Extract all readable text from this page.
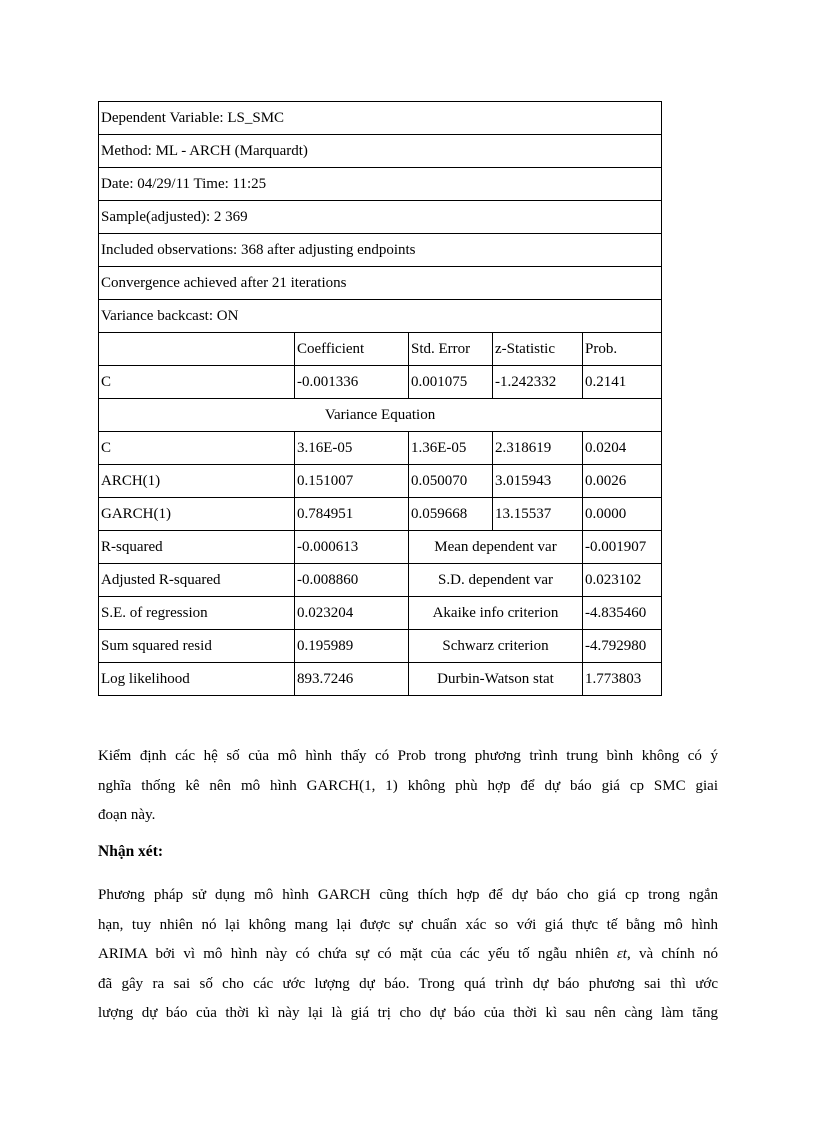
Dependent Variable: LS_SMC				
Method: ML - ARCH (Marquardt)				
Date: 04/29/11 Time: 11:25				
Sample(adjusted): 2 369				
Included observations: 368 after adjusting endpoints				
Convergence achieved after 21 iterations				
Variance backcast: ON				
	Coefficient	Std. Error	z-Statistic	Prob.
C	-0.001336	0.001075	-1.242332	0.2141
Variance Equation				
C	3.16E-05	1.36E-05	2.318619	0.0204
ARCH(1)	0.151007	0.050070	3.015943	0.0026
GARCH(1)	0.784951	0.059668	13.15537	0.0000
R-squared	-0.000613	Mean dependent var		-0.001907
Adjusted R-squared	-0.008860	S.D. dependent var		0.023102
S.E. of regression	0.023204	Akaike info criterion		-4.835460
Sum squared resid	0.195989	Schwarz criterion		-4.792980
Log likelihood	893.7246	Durbin-Watson stat		1.773803

Kiểm định các hệ số của mô hình thấy có Prob trong phương trình trung bình không có ý
nghĩa thống kê nên mô hình GARCH(1, 1) không phù hợp để dự báo giá cp SMC giai
đoạn này.

Nhận xét:

Phương pháp sử dụng mô hình GARCH cũng thích hợp để dự báo cho giá cp trong ngắn
hạn, tuy nhiên nó lại không mang lại được sự chuẩn xác so với giá thực tế bằng mô hình
ARIMA bởi vì mô hình này có chứa sự có mặt của các yếu tố ngẫu nhiên εt, và chính nó
đã gây ra sai số cho các ước lượng dự báo. Trong quá trình dự báo phương sai thì ước
lượng dự báo của thời kì này lại là giá trị cho dự báo của thời kì sau nên càng làm tăng
